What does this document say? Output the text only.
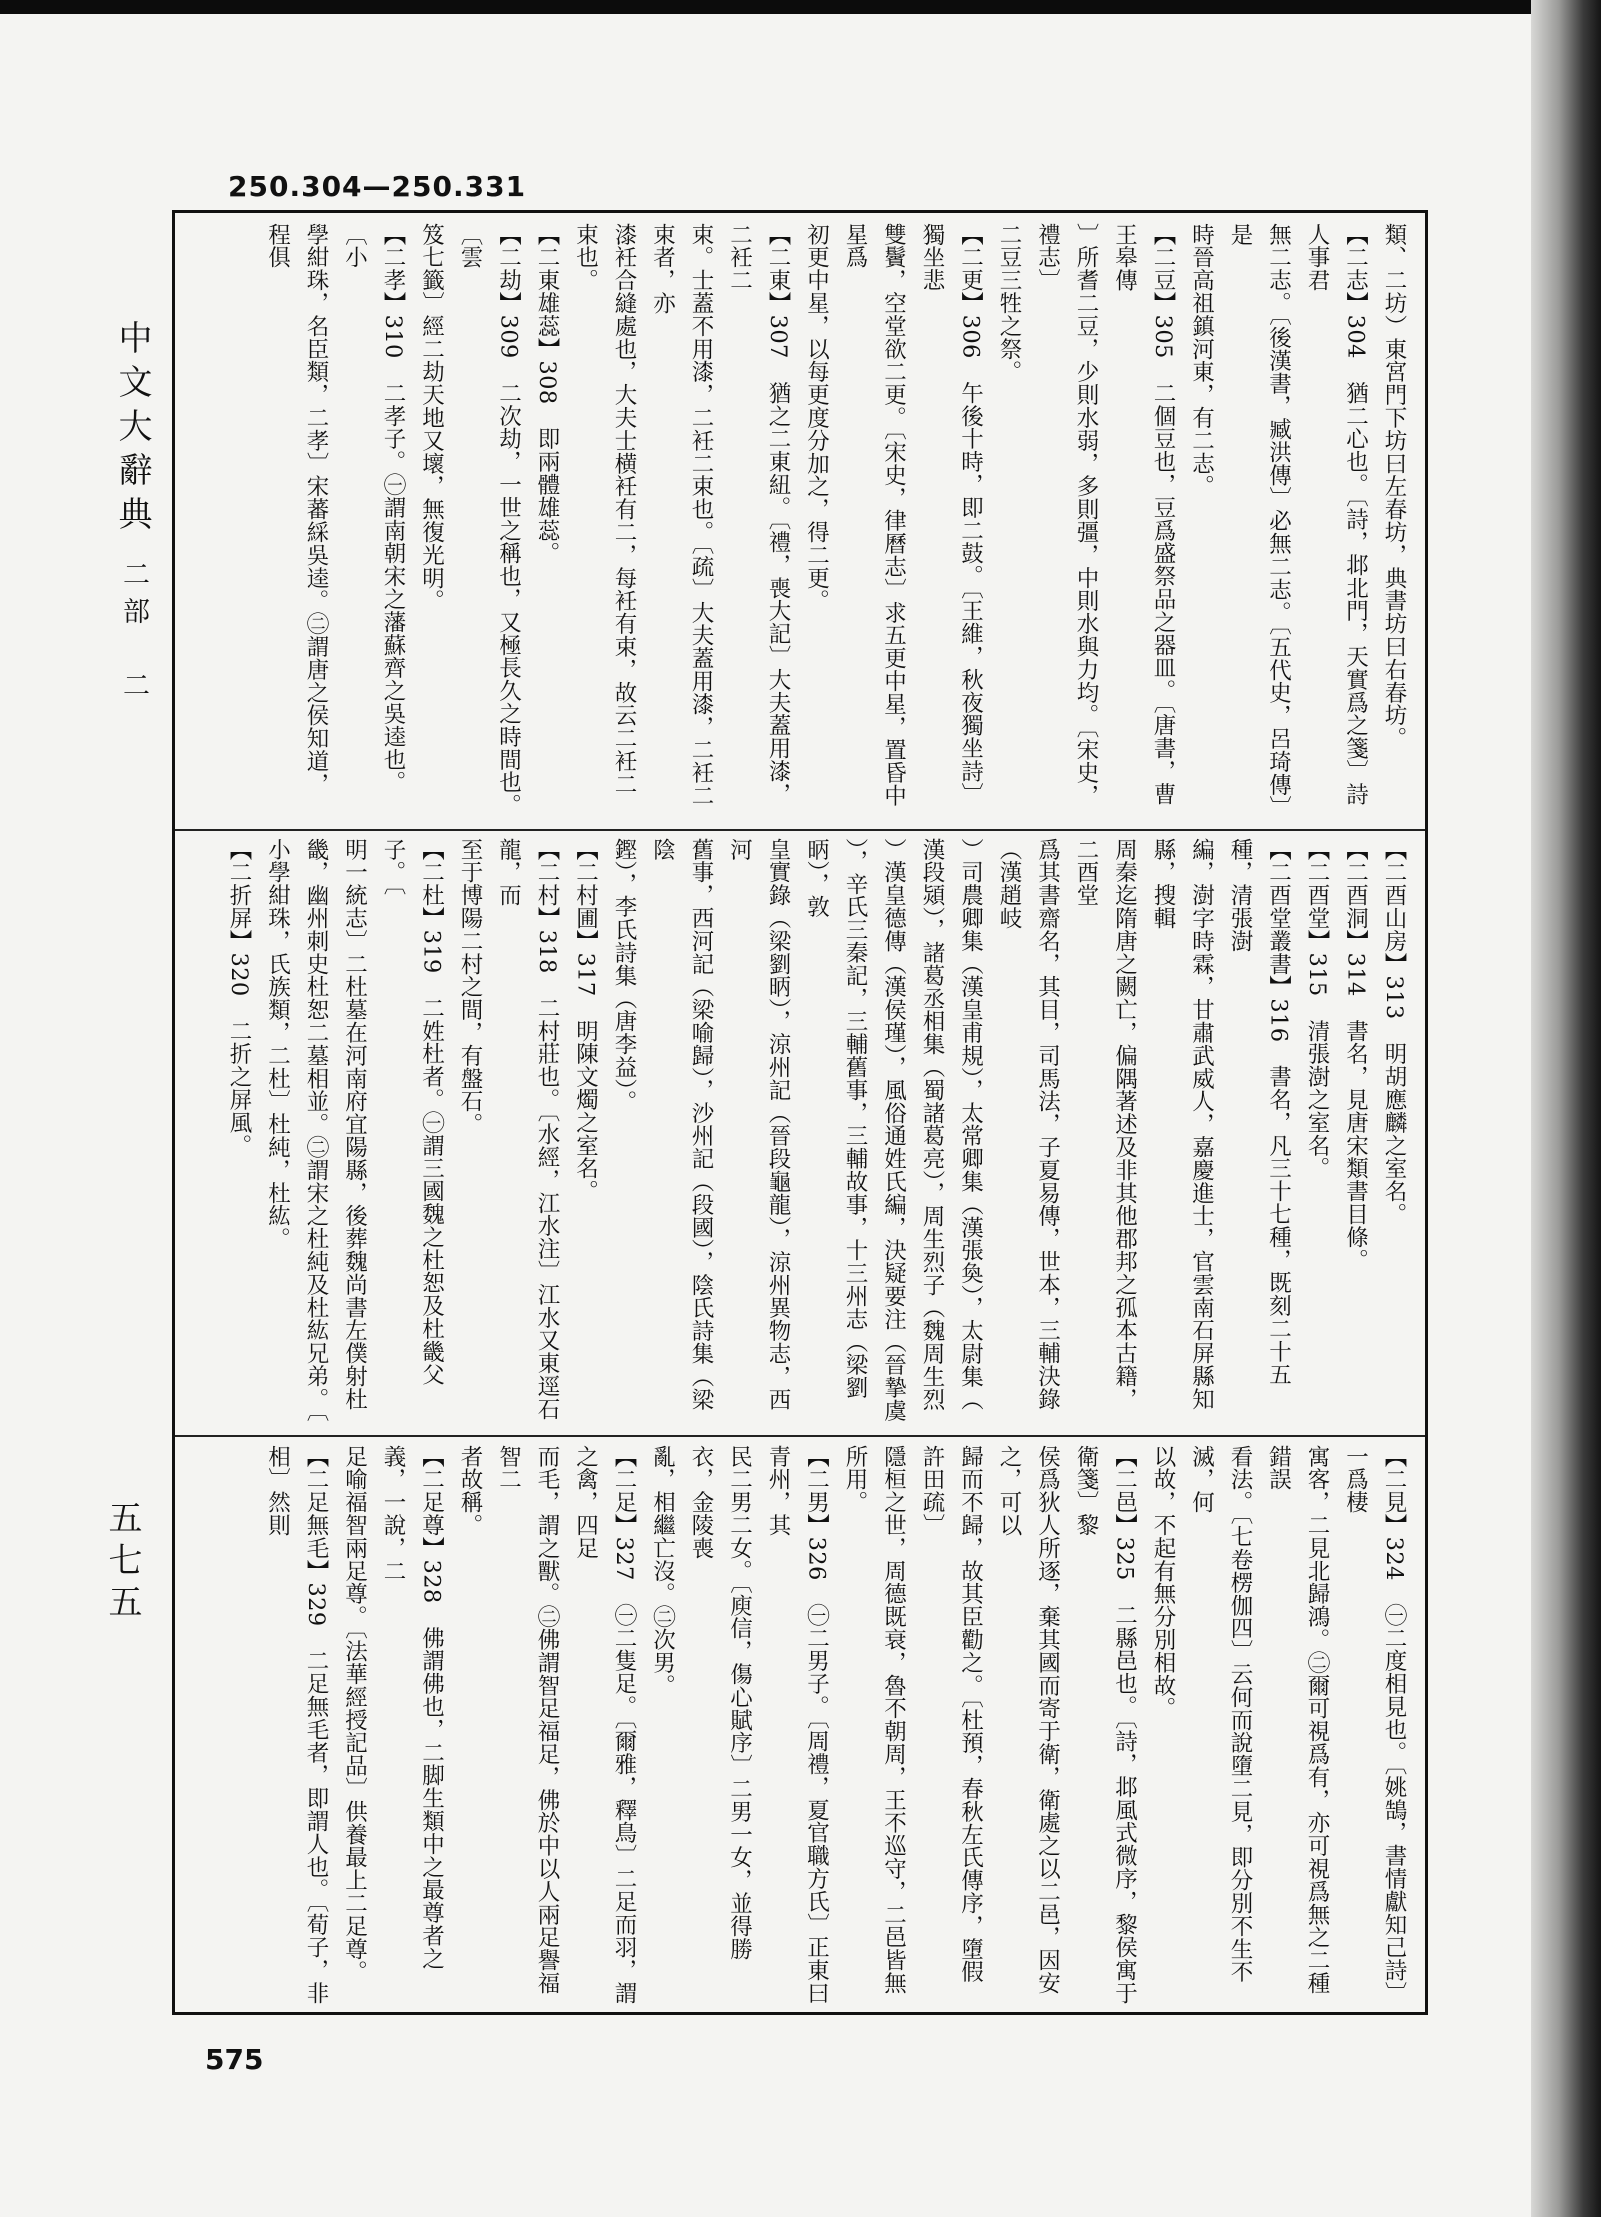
250.304—250.331
中文大辭典
二部　二
五七五
類、二坊）東宮門下坊曰左春坊，典書坊曰右春坊。
【二志】304　猶二心也。〔詩，邶北門，天實爲之箋〕詩人事君
無二志。〔後漢書，臧洪傳〕必無二志。〔五代史，呂琦傳〕是
時晉高祖鎮河東，有二志。
【二豆】305　二個豆也，豆爲盛祭品之器皿。〔唐書，曹王皋傳
〕所耆二豆，少則水弱，多則彊，中則水與力均。〔宋史，禮志〕
二豆三牲之祭。
【二更】306　午後十時，即二鼓。〔王維，秋夜獨坐詩〕獨坐悲
雙鬢，空堂欲二更。〔宋史，律曆志〕求五更中星，置昏中星爲
初更中星，以每更度分加之，得二更。
【二東】307　猶之二東紐。〔禮，喪大記〕大夫蓋用漆，二衽二
束。士蓋不用漆，二衽二束也。〔疏〕大夫蓋用漆，二衽二束者，亦
漆衽合縫處也，大夫士横衽有二，每衽有束，故云二衽二束也。
【二東雄蕊】308　即兩體雄蕊。
【二劫】309　二次劫，一世之稱也，又極長久之時間也。〔雲
笈七籤〕經二劫天地又壞，無復光明。
【二孝】310　二孝子。㊀謂南朝宋之藩蘇齊之吳逵也。〔小
學紺珠，名臣類，二孝〕宋蕃綵吳逵。㊁謂唐之侯知道，程俱
【二酉山房】313　明胡應麟之室名。
【二酉洞】314　書名，見唐宋類書目條。
【二酉堂】315　清張澍之室名。
【二酉堂叢書】316　書名，凡三十七種，既刻二十五種，清張澍
編，澍字時霖，甘肅武威人，嘉慶進士，官雲南石屏縣知縣，搜輯
周秦迄隋唐之闕亡，偏隅著述及非其他郡邦之孤本古籍，二酉堂
爲其書齋名，其目，司馬法，子夏易傳，世本，三輔決錄（漢趙岐
）司農卿集（漢皇甫規），太常卿集（漢張奐），太尉集（
漢段熲），諸葛丞相集（蜀諸葛亮），周生烈子（魏周生烈
）漢皇德傳（漢侯瑾），風俗通姓氏編，決疑要注（晉摯虞
），辛氏三秦記，三輔舊事，三輔故事，十三州志（梁劉昞），敦
皇實錄（梁劉昞），涼州記（晉段龜龍），涼州異物志，西河
舊事，西河記（梁喻歸），沙州記（段國），陰氏詩集（梁陰
鏗），李氏詩集（唐李益）。
【二村圃】317　明陳文燭之室名。
【二村】318　二村莊也。〔水經，江水注〕江水又東逕石龍，而
至于博陽二村之間，有盤石。
【二杜】319　二姓杜者。㊀謂三國魏之杜恕及杜畿父子。〔
明一統志〕二杜墓在河南府宜陽縣，後葬魏尚書左僕射杜
畿，幽州刺史杜恕二墓相並。㊁謂宋之杜純及杜紘兄弟。〔
小學紺珠，氏族類，二杜〕杜純，杜紘。
【二折屏】320　二折之屏風。
【二見】324　㊀二度相見也。〔姚鵠，書情獻知己詩〕一爲棲
寓客，二見北歸鴻。㊁爾可視爲有，亦可視爲無之二種錯誤
看法。〔七卷楞伽四〕云何而說墮二見，即分別不生不滅，何
以故，不起有無分別相故。
【二邑】325　二縣邑也。〔詩，邶風式微序，黎侯寓于衛箋〕黎
侯爲狄人所逐，棄其國而寄于衛，衛處之以二邑，因安之，可以
歸而不歸，故其臣勸之。〔杜預，春秋左氏傳序，墮假許田疏〕
隱桓之世，周德既衰，魯不朝周，王不巡守，二邑皆無所用。
【二男】326　㊀二男子。〔周禮，夏官職方氏〕正東曰青州，其
民二男二女。〔庾信，傷心賦序〕二男一女，並得勝衣，金陵喪
亂，相繼亡沒。㊁次男。
【二足】327　㊀二隻足。〔爾雅，釋鳥〕二足而羽，謂之禽，四足
而毛，謂之獸。㊁佛謂智足福足，佛於中以人兩足譽福智二
者故稱。
【二足尊】328　佛謂佛也，二脚生類中之最尊者之義，一說，二
足喻福智兩足尊。〔法華經授記品〕供養最上二足尊。
【二足無毛】329　二足無毛者，即謂人也。〔荀子，非相〕然則
575
